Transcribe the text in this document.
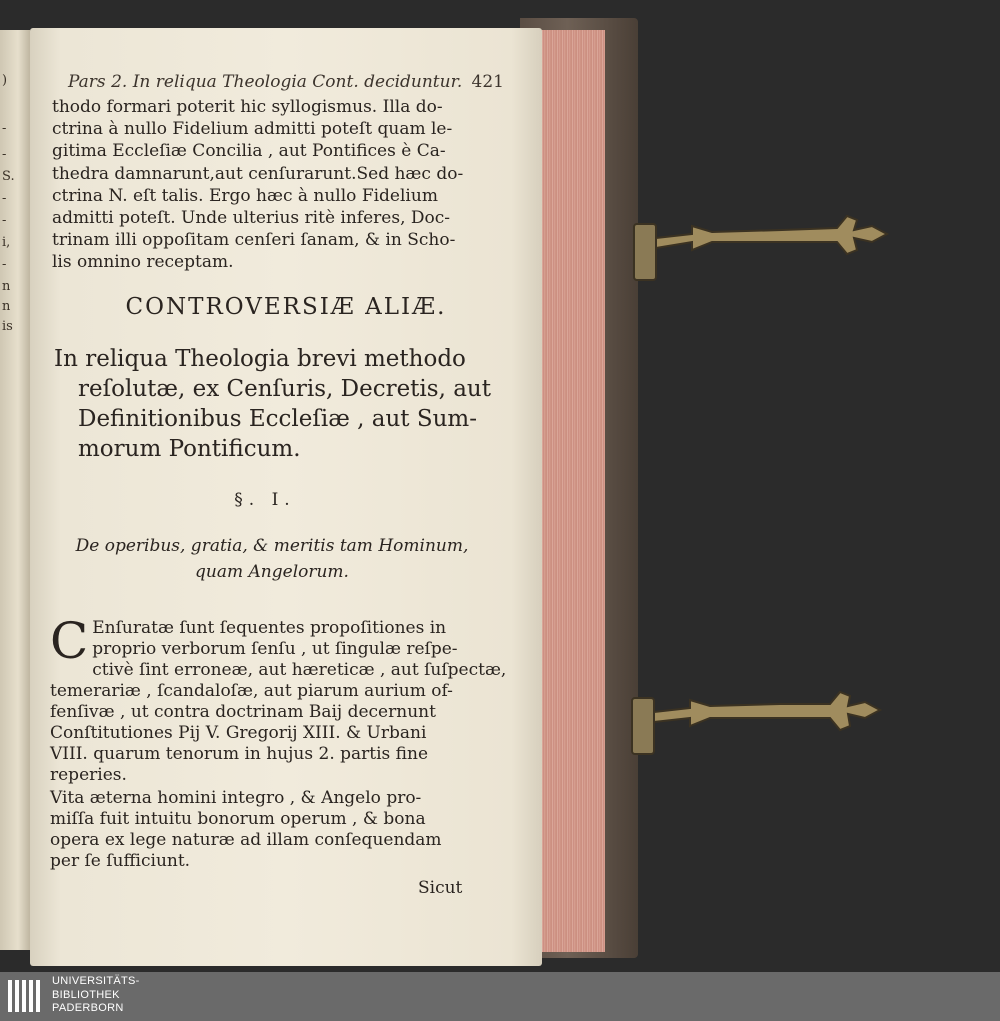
)
-
-
S.
-
-
i,
-
n
n
is
Pars 2. In reliqua Theologia Cont. deciduntur. 421
thodo formari poterit hic syllogismus. Illa do-
ctrina à nullo Fidelium admitti poteſt quam le-
gitima Eccleſiæ Concilia , aut Pontifices è Ca-
thedra damnarunt,aut cenſurarunt.Sed hæc do-
ctrina N. eſt talis. Ergo hæc à nullo Fidelium
admitti poteſt. Unde ulterius ritè inferes, Doc-
trinam illi oppoſitam cenſeri ſanam, & in Scho-
lis omnino receptam.
CONTROVERSIÆ ALIÆ.
In reliqua Theologia brevi methodo
reſolutæ, ex Cenſuris, Decretis, aut
Definitionibus Eccleſiæ , aut Sum-
morum Pontificum.
§. I.
De operibus, gratia, & meritis tam Hominum,
quam Angelorum.
C Enſuratæ ſunt ſequentes propoſitiones in
proprio verborum ſenſu , ut ſingulæ reſpe-
ctivè ſint erroneæ, aut hæreticæ , aut ſuſpectæ,
temerariæ , ſcandaloſæ, aut piarum aurium of-
fenſivæ , ut contra doctrinam Baij decernunt
Conſtitutiones Pij V. Gregorij XIII. & Urbani
VIII. quarum tenorum in hujus 2. partis fine
reperies.
Vita æterna homini integro , & Angelo pro-
miſſa fuit intuitu bonorum operum , & bona
opera ex lege naturæ ad illam conſequendam
per ſe ſufficiunt.
Sicut
UNIVERSITÄTS-
BIBLIOTHEK
PADERBORN
